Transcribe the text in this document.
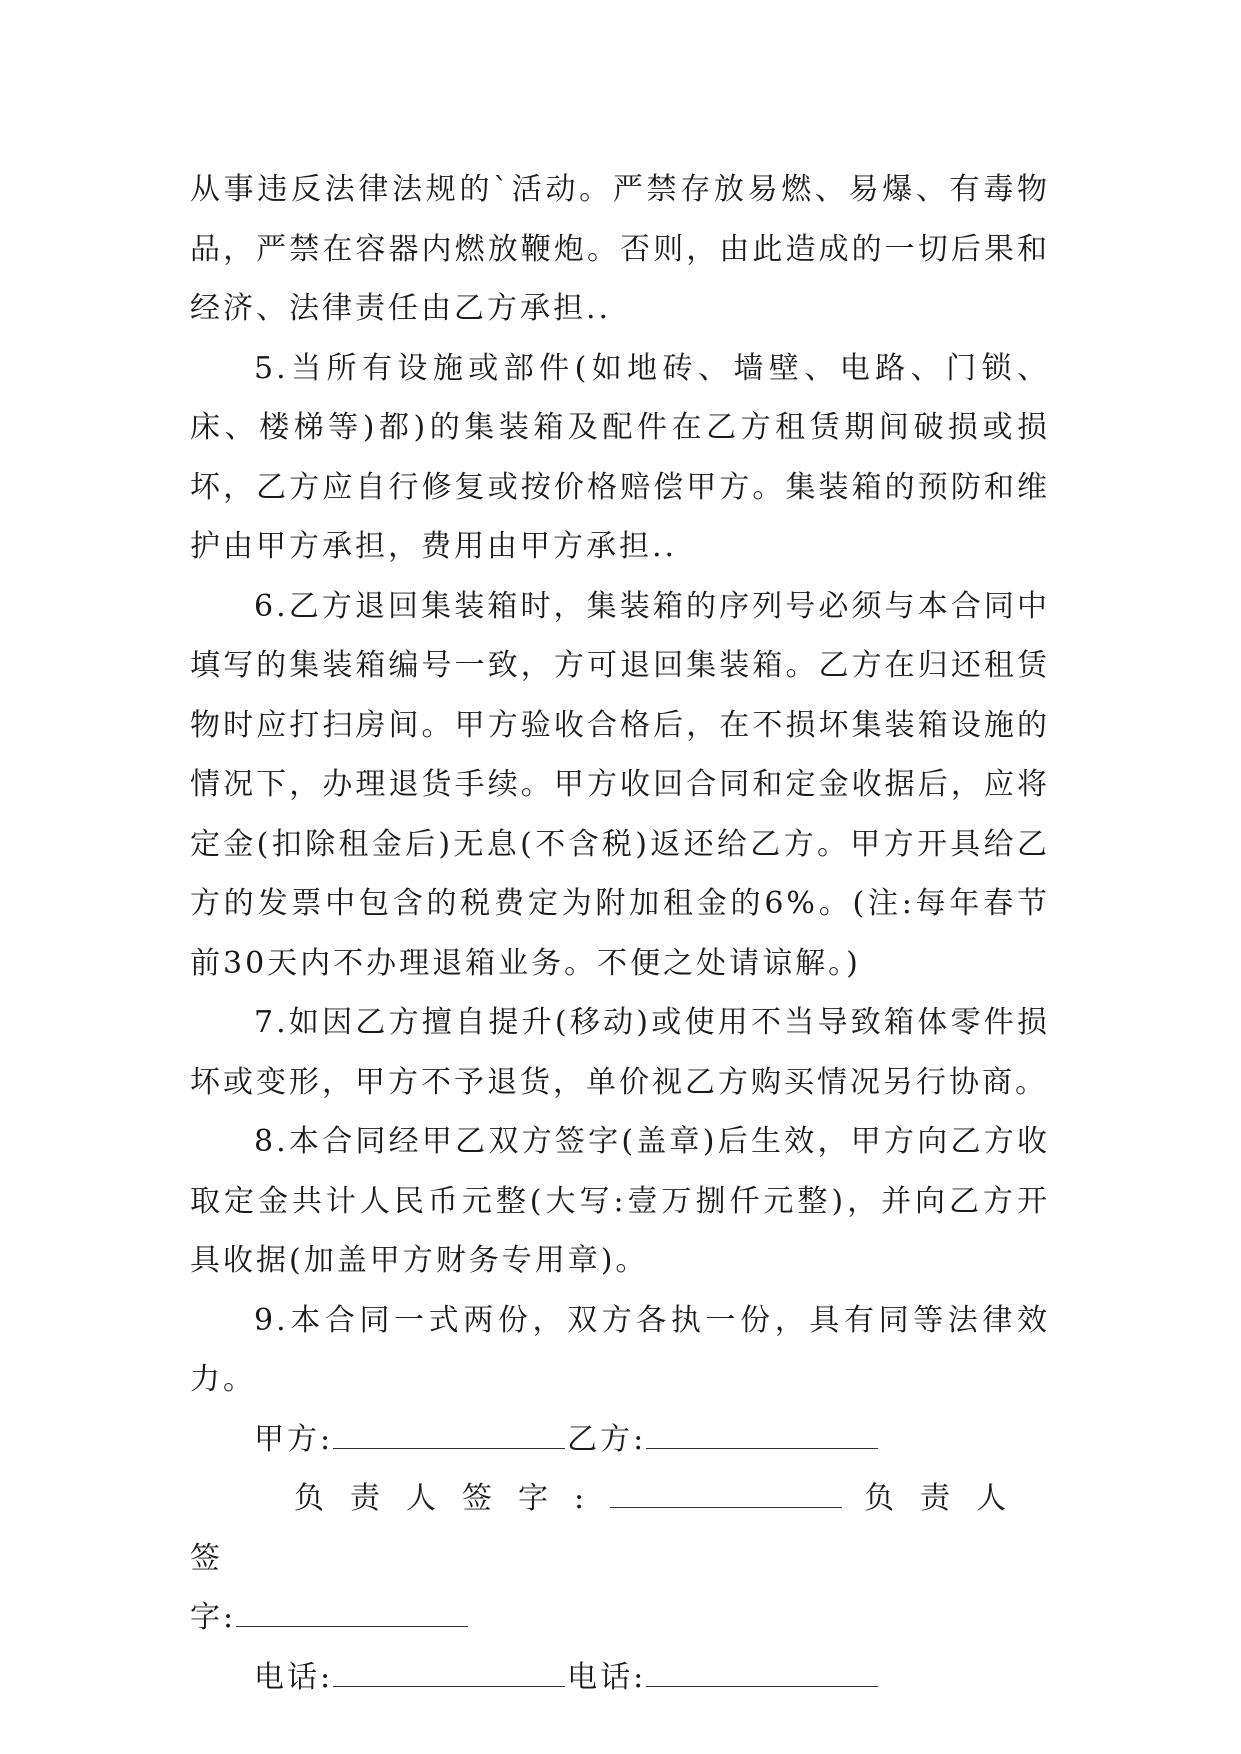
从事违反法律法规的`活动。严禁存放易燃、易爆、有毒物品，严禁在容器内燃放鞭炮。否则，由此造成的一切后果和经济、法律责任由乙方承担..

5.当所有设施或部件(如地砖、墙壁、电路、门锁、床、楼梯等)都)的集装箱及配件在乙方租赁期间破损或损坏，乙方应自行修复或按价格赔偿甲方。集装箱的预防和维护由甲方承担，费用由甲方承担..

6.乙方退回集装箱时，集装箱的序列号必须与本合同中填写的集装箱编号一致，方可退回集装箱。乙方在归还租赁物时应打扫房间。甲方验收合格后，在不损坏集装箱设施的情况下，办理退货手续。甲方收回合同和定金收据后，应将定金(扣除租金后)无息(不含税)返还给乙方。甲方开具给乙方的发票中包含的税费定为附加租金的6%。(注:每年春节前30天内不办理退箱业务。不便之处请谅解。)

7.如因乙方擅自提升(移动)或使用不当导致箱体零件损坏或变形，甲方不予退货，单价视乙方购买情况另行协商。

8.本合同经甲乙双方签字(盖章)后生效，甲方向乙方收取定金共计人民币元整(大写:壹万捌仟元整)，并向乙方开具收据(加盖甲方财务专用章)。

9.本合同一式两份，双方各执一份，具有同等法律效力。

甲方:	乙方:

负责人签字:	负责人签

字:

电话:	电话:
